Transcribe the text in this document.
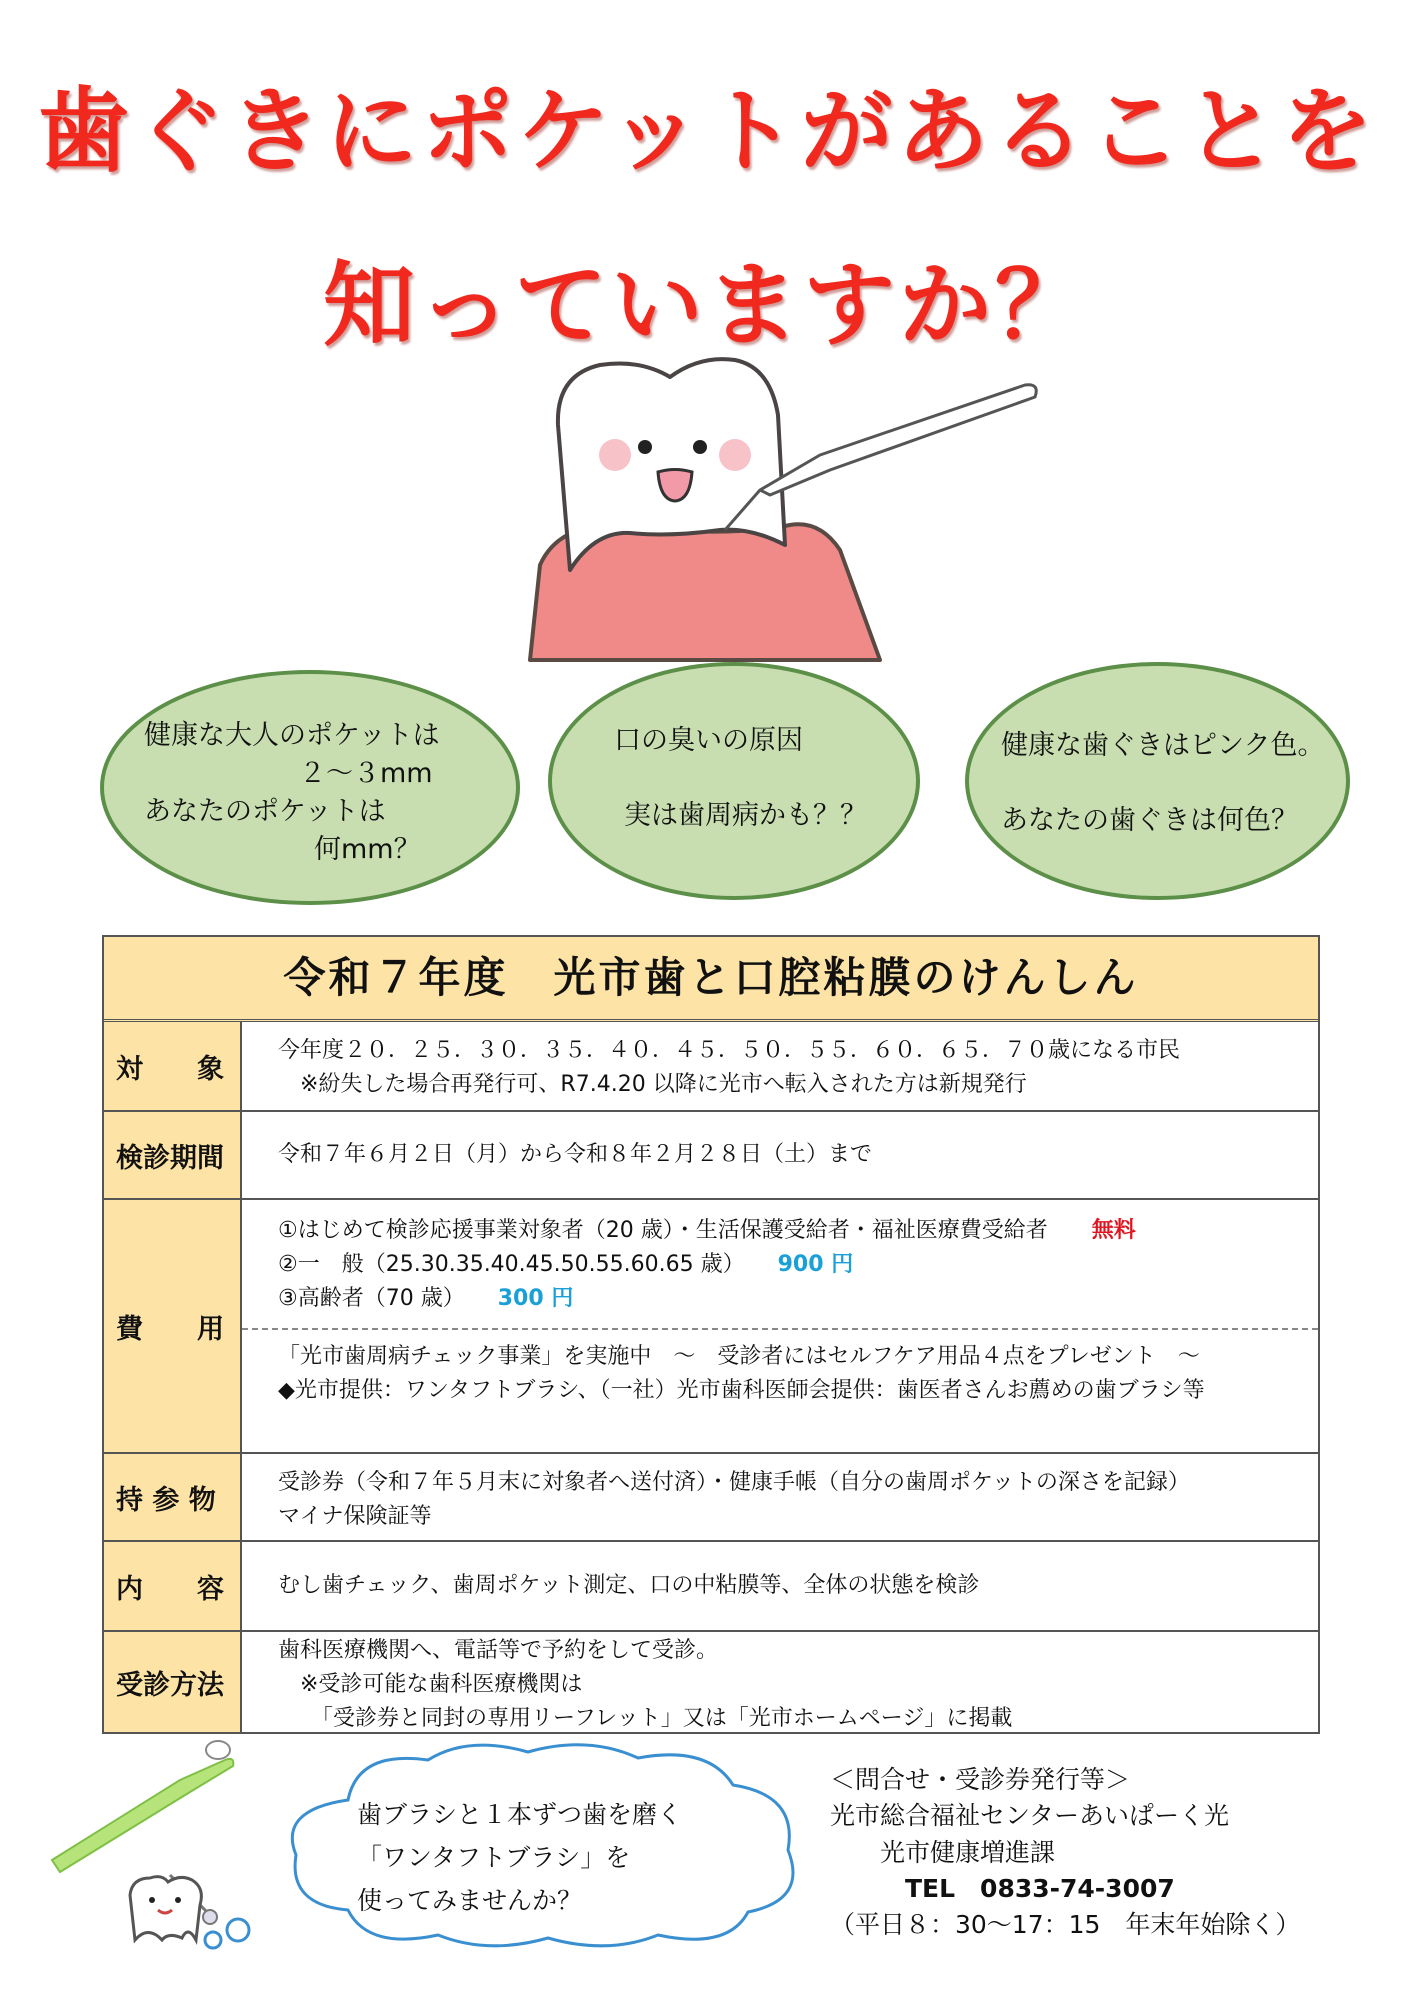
歯ぐきにポケットがあることを
知っていますか？
健康な大人のポケットは
２～３mm
あなたのポケットは
何mm？
口の臭いの原因
実は歯周病かも？？
健康な歯ぐきはピンク色。
あなたの歯ぐきは何色？
令和７年度　光市歯と口腔粘膜のけんしん
対　　象
今年度２０．２５．３０．３５．４０．４５．５０．５５．６０．６５．７０歳になる市民
　※紛失した場合再発行可、R7.4.20 以降に光市へ転入された方は新規発行
検診期間	令和７年６月２日（月）から令和８年２月２８日（土）まで
費　　用
①はじめて検診応援事業対象者（20 歳）・生活保護受給者・福祉医療費受給者　　 無料
②一　般（25.30.35.40.45.50.55.60.65 歳）　　 900 円
③高齢者（70 歳）　　 300 円
「光市歯周病チェック事業」を実施中　～　受診者にはセルフケア用品４点をプレゼント　～
◆光市提供：ワンタフトブラシ、（一社）光市歯科医師会提供：歯医者さんお薦めの歯ブラシ等
持 参 物
受診券（令和７年５月末に対象者へ送付済）・健康手帳（自分の歯周ポケットの深さを記録）
マイナ保険証等
内　　容	むし歯チェック、歯周ポケット測定、口の中粘膜等、全体の状態を検診
受診方法
歯科医療機関へ、電話等で予約をして受診。
　※受診可能な歯科医療機関は
　　「受診券と同封の専用リーフレット」又は「光市ホームページ」に掲載
歯ブラシと１本ずつ歯を磨く
「ワンタフトブラシ」を
使ってみませんか？
＜問合せ・受診券発行等＞
光市総合福祉センターあいぱーく光
　　光市健康増進課
　　　TEL　0833-74-3007
（平日８：30～17：15　年末年始除く）
